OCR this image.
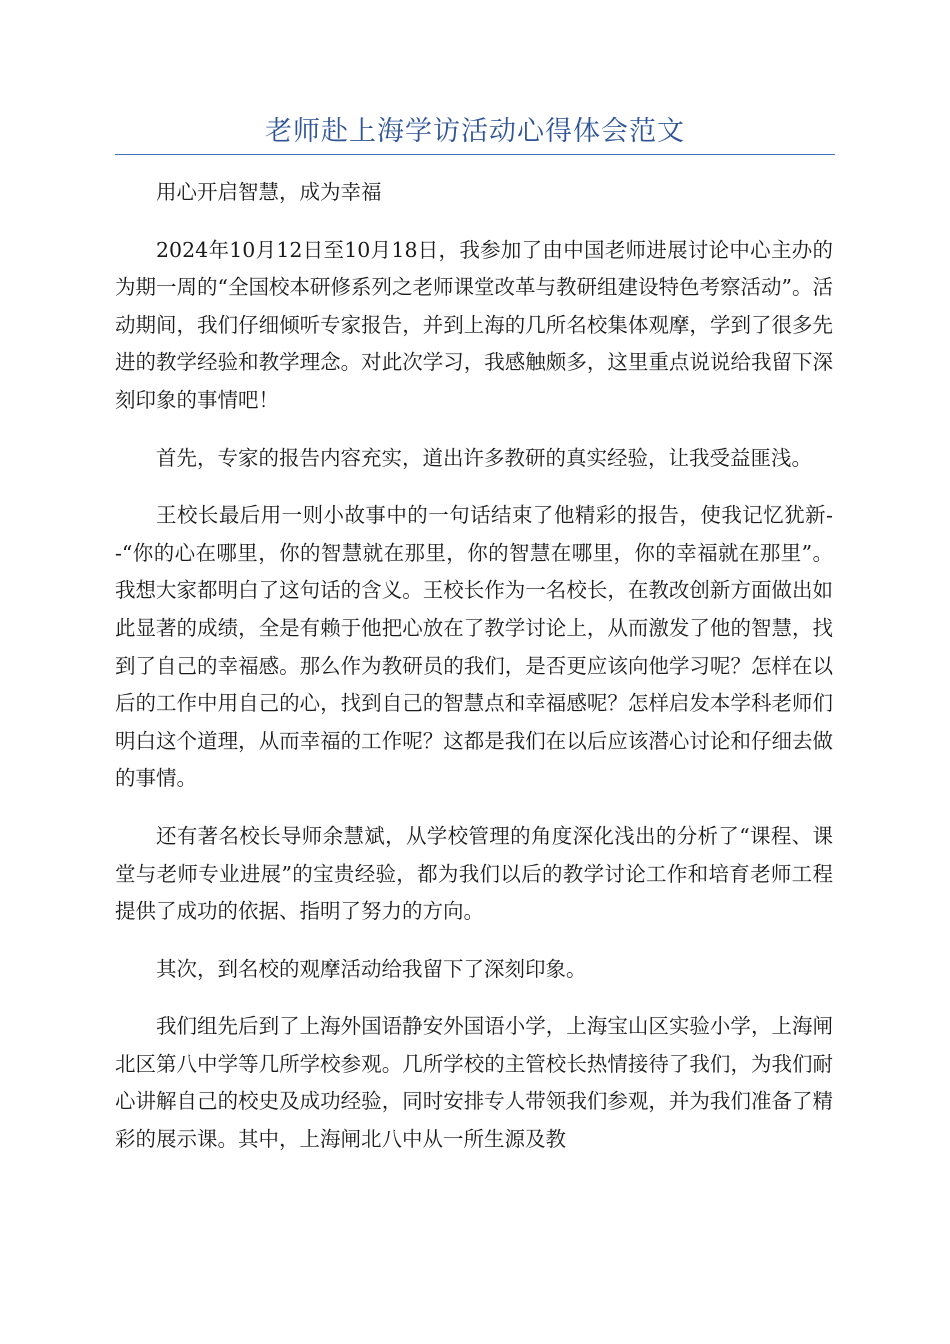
老师赴上海学访活动心得体会范文

用心开启智慧，成为幸福

2024年10月12日至10月18日，我参加了由中国老师进展讨论中心主办的为期一周的“全国校本研修系列之老师课堂改革与教研组建设特色考察活动”。活动期间，我们仔细倾听专家报告，并到上海的几所名校集体观摩，学到了很多先进的教学经验和教学理念。对此次学习，我感触颇多，这里重点说说给我留下深刻印象的事情吧！

首先，专家的报告内容充实，道出许多教研的真实经验，让我受益匪浅。

王校长最后用一则小故事中的一句话结束了他精彩的报告，使我记忆犹新--“你的心在哪里，你的智慧就在那里，你的智慧在哪里，你的幸福就在那里”。我想大家都明白了这句话的含义。王校长作为一名校长，在教改创新方面做出如此显著的成绩，全是有赖于他把心放在了教学讨论上，从而激发了他的智慧，找到了自己的幸福感。那么作为教研员的我们，是否更应该向他学习呢？怎样在以后的工作中用自己的心，找到自己的智慧点和幸福感呢？怎样启发本学科老师们明白这个道理，从而幸福的工作呢？这都是我们在以后应该潜心讨论和仔细去做的事情。

还有著名校长导师余慧斌，从学校管理的角度深化浅出的分析了“课程、课堂与老师专业进展”的宝贵经验，都为我们以后的教学讨论工作和培育老师工程提供了成功的依据、指明了努力的方向。

其次，到名校的观摩活动给我留下了深刻印象。

我们组先后到了上海外国语静安外国语小学，上海宝山区实验小学，上海闸北区第八中学等几所学校参观。几所学校的主管校长热情接待了我们，为我们耐心讲解自己的校史及成功经验，同时安排专人带领我们参观，并为我们准备了精彩的展示课。其中，上海闸北八中从一所生源及教
